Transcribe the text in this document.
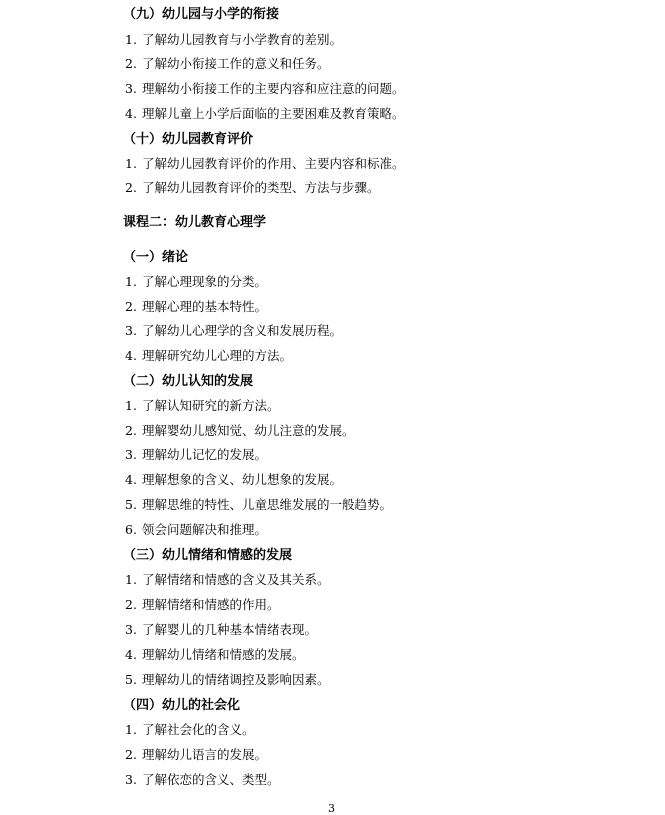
（九）幼儿园与小学的衔接
1. 了解幼儿园教育与小学教育的差别。
2. 了解幼小衔接工作的意义和任务。
3. 理解幼小衔接工作的主要内容和应注意的问题。
4. 理解儿童上小学后面临的主要困难及教育策略。
（十）幼儿园教育评价
1. 了解幼儿园教育评价的作用、主要内容和标准。
2. 了解幼儿园教育评价的类型、方法与步骤。
课程二：幼儿教育心理学
（一）绪论
1. 了解心理现象的分类。
2. 理解心理的基本特性。
3. 了解幼儿心理学的含义和发展历程。
4. 理解研究幼儿心理的方法。
（二）幼儿认知的发展
1. 了解认知研究的新方法。
2. 理解婴幼儿感知觉、幼儿注意的发展。
3. 理解幼儿记忆的发展。
4. 理解想象的含义、幼儿想象的发展。
5. 理解思维的特性、儿童思维发展的一般趋势。
6. 领会问题解决和推理。
（三）幼儿情绪和情感的发展
1. 了解情绪和情感的含义及其关系。
2. 理解情绪和情感的作用。
3. 了解婴儿的几种基本情绪表现。
4. 理解幼儿情绪和情感的发展。
5. 理解幼儿的情绪调控及影响因素。
（四）幼儿的社会化
1. 了解社会化的含义。
2. 理解幼儿语言的发展。
3. 了解依恋的含义、类型。
3
